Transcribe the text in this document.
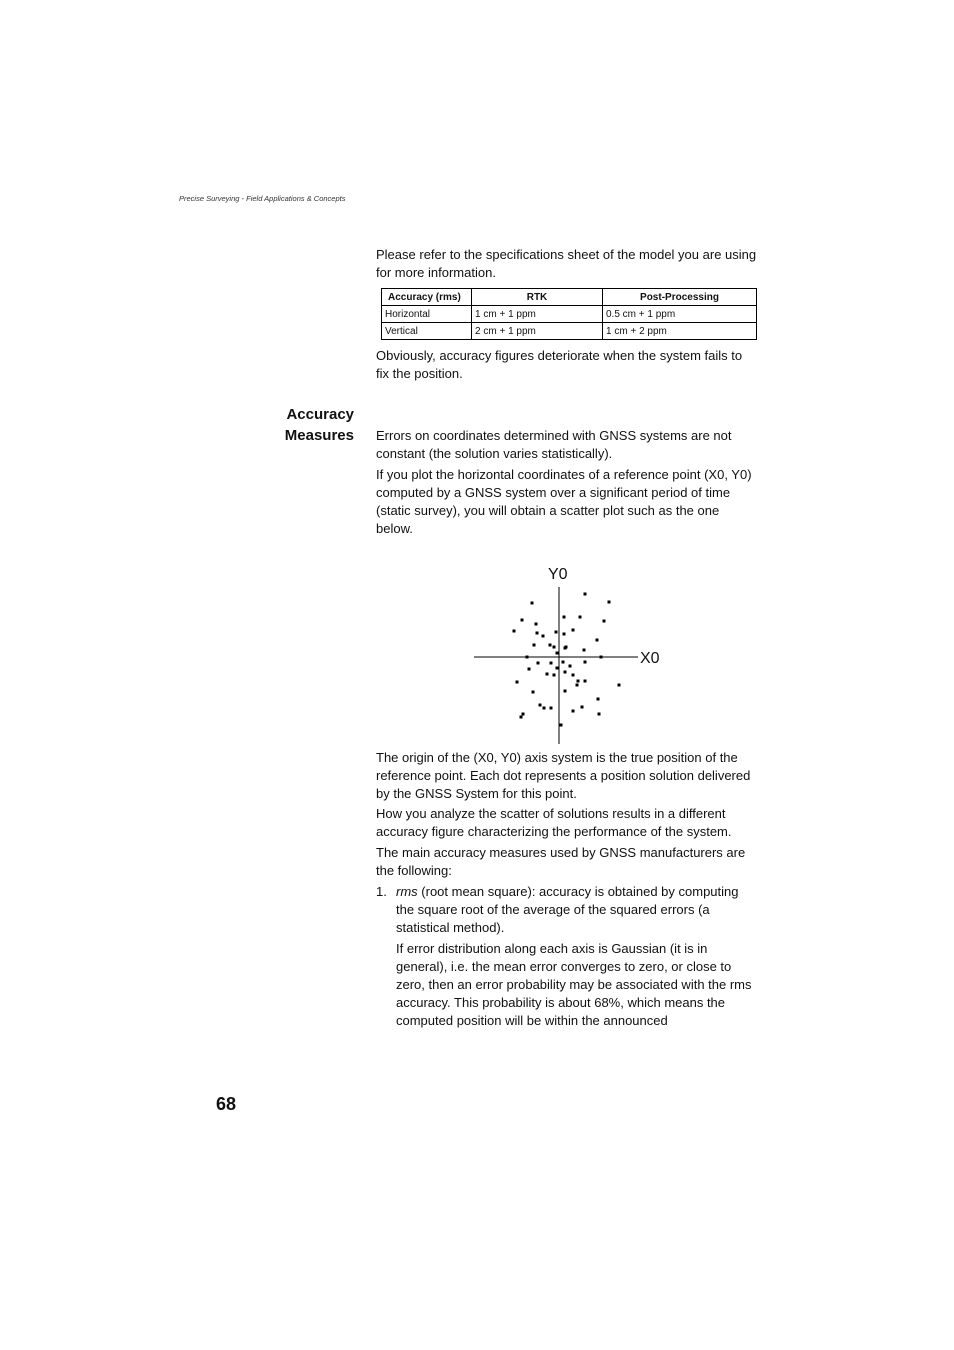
Precise Surveying - Field Applications & Concepts

Please refer to the specifications sheet of the model you are using for more information.

Accuracy (rms)	RTK	Post-Processing
Horizontal	1 cm + 1 ppm	0.5 cm + 1 ppm
Vertical	2 cm + 1 ppm	1 cm + 2 ppm

Obviously, accuracy figures deteriorate when the system fails to fix the position.

Accuracy
Measures Errors on coordinates determined with GNSS systems are not constant (the solution varies statistically).

If you plot the horizontal coordinates of a reference point (X0, Y0) computed by a GNSS system over a significant period of time (static survey), you will obtain a scatter plot such as the one below.

Y0
X0

The origin of the (X0, Y0) axis system is the true position of the reference point. Each dot represents a position solution delivered by the GNSS System for this point.

How you analyze the scatter of solutions results in a different accuracy figure characterizing the performance of the system.

The main accuracy measures used by GNSS manufacturers are the following:

1. rms (root mean square): accuracy is obtained by computing the square root of the average of the squared errors (a statistical method).

If error distribution along each axis is Gaussian (it is in general), i.e. the mean error converges to zero, or close to zero, then an error probability may be associated with the rms accuracy. This probability is about 68%, which means the computed position will be within the announced

68
